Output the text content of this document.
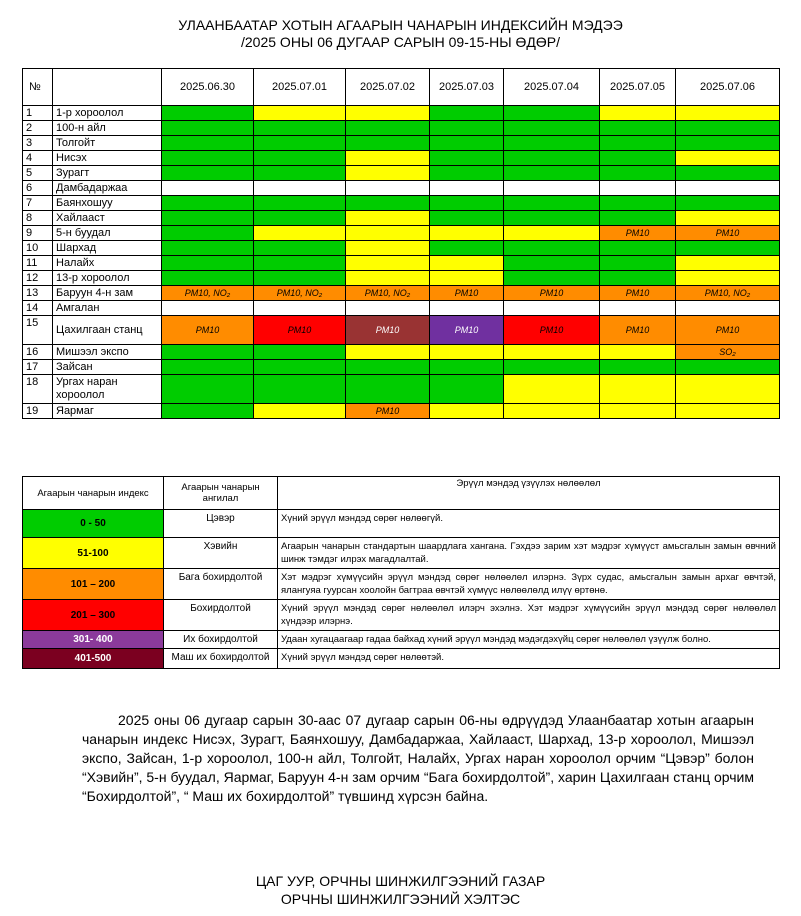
УЛААНБААТАР ХОТЫН АГААРЫН ЧАНАРЫН ИНДЕКСИЙН МЭДЭЭ
/2025 ОНЫ 06 ДУГААР САРЫН 09-15-НЫ ӨДӨР/
№		2025.06.30	2025.07.01	2025.07.02	2025.07.03	2025.07.04	2025.07.05	2025.07.06
1	1-р хороолол							
2	100-н айл							
3	Толгойт							
4	Нисэх							
5	Зурагт							
6	Дамбадаржаа							
7	Баянхошуу							
8	Хайлааст							
9	5-н буудал						PM10	PM10
10	Шархад							
11	Налайх							
12	13-р хороолол							
13	Баруун 4-н зам	PM10, NO₂	PM10, NO₂	PM10, NO₂	PM10	PM10	PM10	PM10, NO₂
14	Амгалан							
15	Цахилгаан станц	PM10	PM10	PM10	PM10	PM10	PM10	PM10
16	Мишээл экспо							SO₂
17	Зайсан							
18	Ургах наран хороолол							
19	Яармаг			PM10				
Агаарын чанарын индекс	Агаарын чанарын ангилал	Эрүүл мэндэд үзүүлэх нөлөөлөл
0 - 50	Цэвэр	Хүний эрүүл мэндэд сөрөг нөлөөгүй.
51-100	Хэвийн	Агаарын чанарын стандартын шаардлага хангана. Гэхдээ зарим хэт мэдрэг хүмүүст амьсгалын замын өвчний шинж тэмдэг илрэх магадлалтай.
101 – 200	Бага бохирдолтой	Хэт мэдрэг хүмүүсийн эрүүл мэндэд сөрөг нөлөөлөл илэрнэ. Зүрх судас, амьсгалын замын архаг өвчтэй, ялангуяа гуурсан хоолойн багтраа өвчтэй хүмүүс нөлөөлөлд илүү өртөнө.
201 – 300	Бохирдолтой	Хүний эрүүл мэндэд сөрөг нөлөөлөл илэрч эхэлнэ. Хэт мэдрэг хүмүүсийн эрүүл мэндэд сөрөг нөлөөлөл хүндээр илэрнэ.
301- 400	Их бохирдолтой	Удаан хугацаагаар гадаа байхад хүний эрүүл мэндэд мэдэгдэхүйц сөрөг нөлөөлөл үзүүлж болно.
401-500	Маш их бохирдолтой	Хүний эрүүл мэндэд сөрөг нөлөөтэй.
2025 оны 06 дугаар сарын 30-аас 07 дугаар сарын 06-ны өдрүүдэд Улаанбаатар хотын агаарын чанарын индекс Нисэх, Зурагт, Баянхошуу, Дамбадаржаа, Хайлааст, Шархад, 13-р хороолол, Мишээл экспо, Зайсан, 1-р хороолол, 100-н айл, Толгойт, Налайх, Ургах наран хороолол орчим “Цэвэр” болон “Хэвийн”, 5-н буудал, Яармаг, Баруун 4-н зам орчим “Бага бохирдолтой”, харин Цахилгаан станц орчим “Бохирдолтой”, “ Маш их бохирдолтой” түвшинд хүрсэн байна.
ЦАГ УУР, ОРЧНЫ ШИНЖИЛГЭЭНИЙ ГАЗАР
ОРЧНЫ ШИНЖИЛГЭЭНИЙ ХЭЛТЭС
